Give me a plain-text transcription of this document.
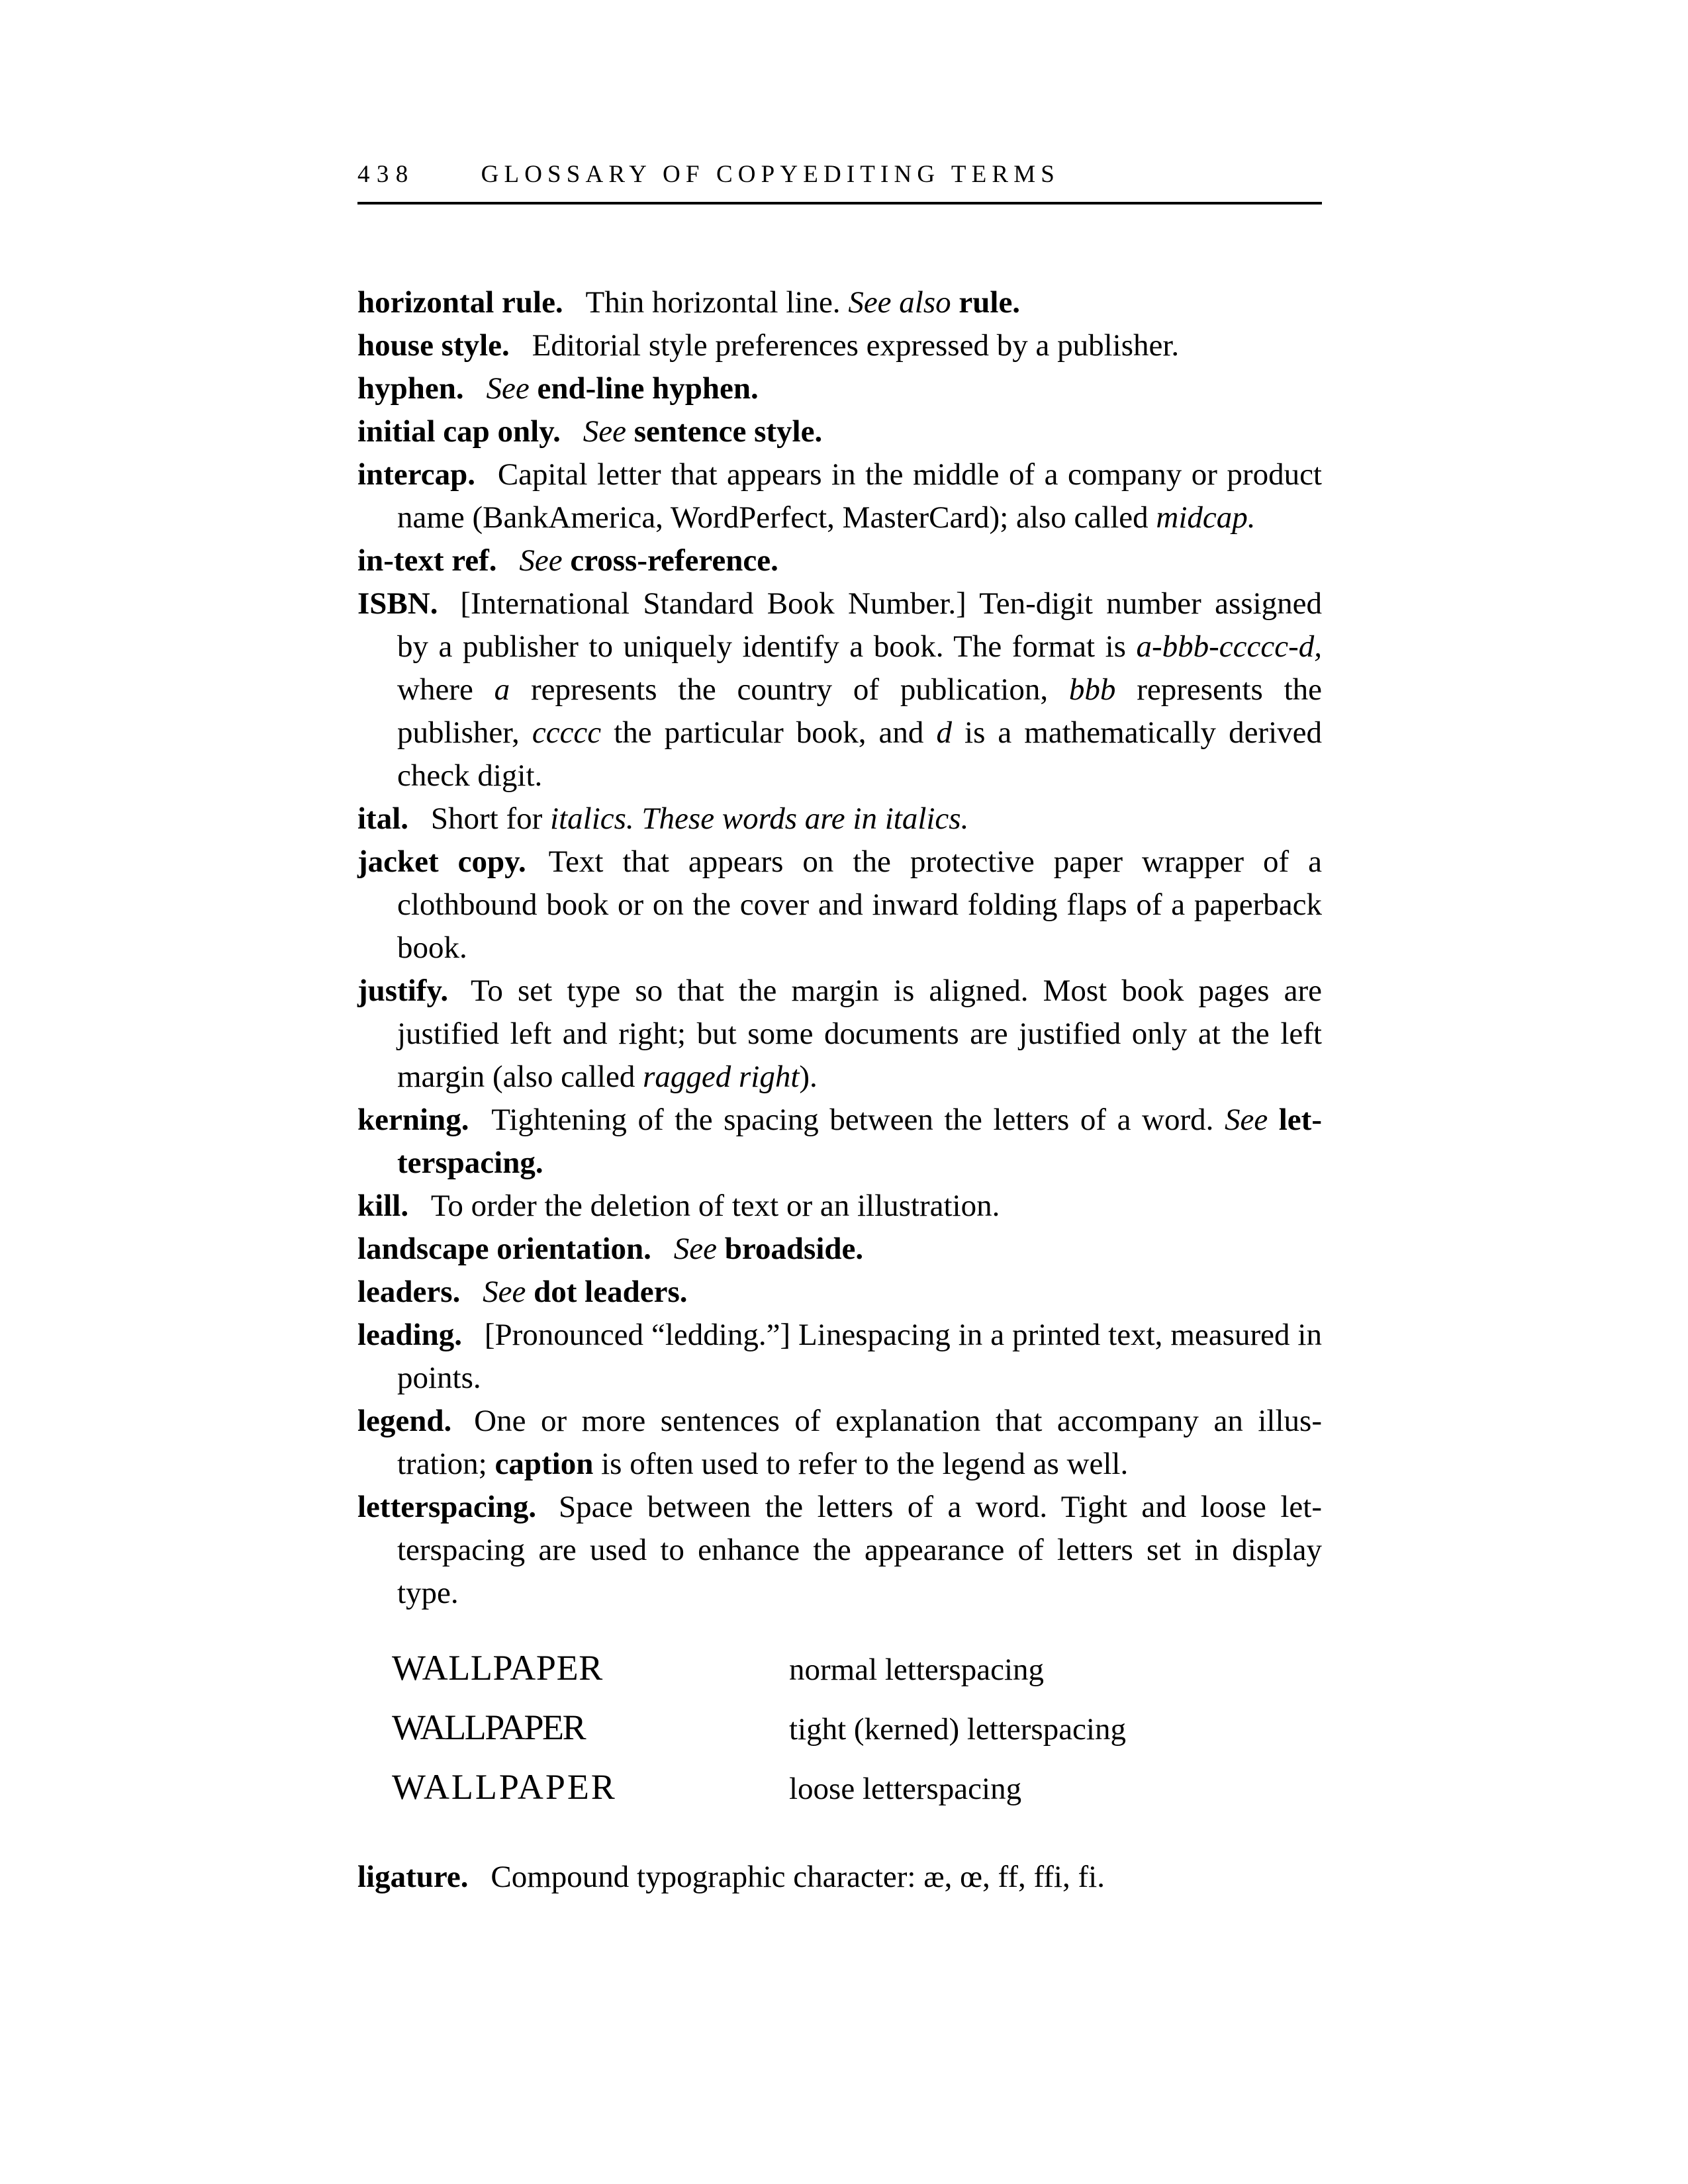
438	GLOSSARY OF COPYEDITING TERMS

horizontal rule. Thin horizontal line. See also rule.

house style. Editorial style preferences expressed by a publisher.

hyphen. See end-line hyphen.

initial cap only. See sentence style.

intercap. Capital letter that appears in the middle of a company or product name (BankAmerica, WordPerfect, MasterCard); also called midcap.

in-text ref. See cross-reference.

ISBN. [International Standard Book Number.] Ten-digit number assigned by a publisher to uniquely identify a book. The format is a-bbb-ccccc-d, where a represents the country of publication, bbb represents the publisher, ccccc the particular book, and d is a mathematically derived check digit.

ital. Short for italics. These words are in italics.

jacket copy. Text that appears on the protective paper wrapper of a clothbound book or on the cover and inward folding flaps of a paperback book.

justify. To set type so that the margin is aligned. Most book pages are justified left and right; but some documents are justified only at the left margin (also called ragged right).

kerning. Tightening of the spacing between the letters of a word. See letterspacing.

kill. To order the deletion of text or an illustration.

landscape orientation. See broadside.

leaders. See dot leaders.

leading. [Pronounced “ledding.”] Linespacing in a printed text, measured in points.

legend. One or more sentences of explanation that accompany an illustration; caption is often used to refer to the legend as well.

letterspacing. Space between the letters of a word. Tight and loose letterspacing are used to enhance the appearance of letters set in display type.

WALLPAPER	normal letterspacing
WALLPAPER	tight (kerned) letterspacing
WALLPAPER	loose letterspacing

ligature. Compound typographic character: æ, œ, ff, ffi, fi.
